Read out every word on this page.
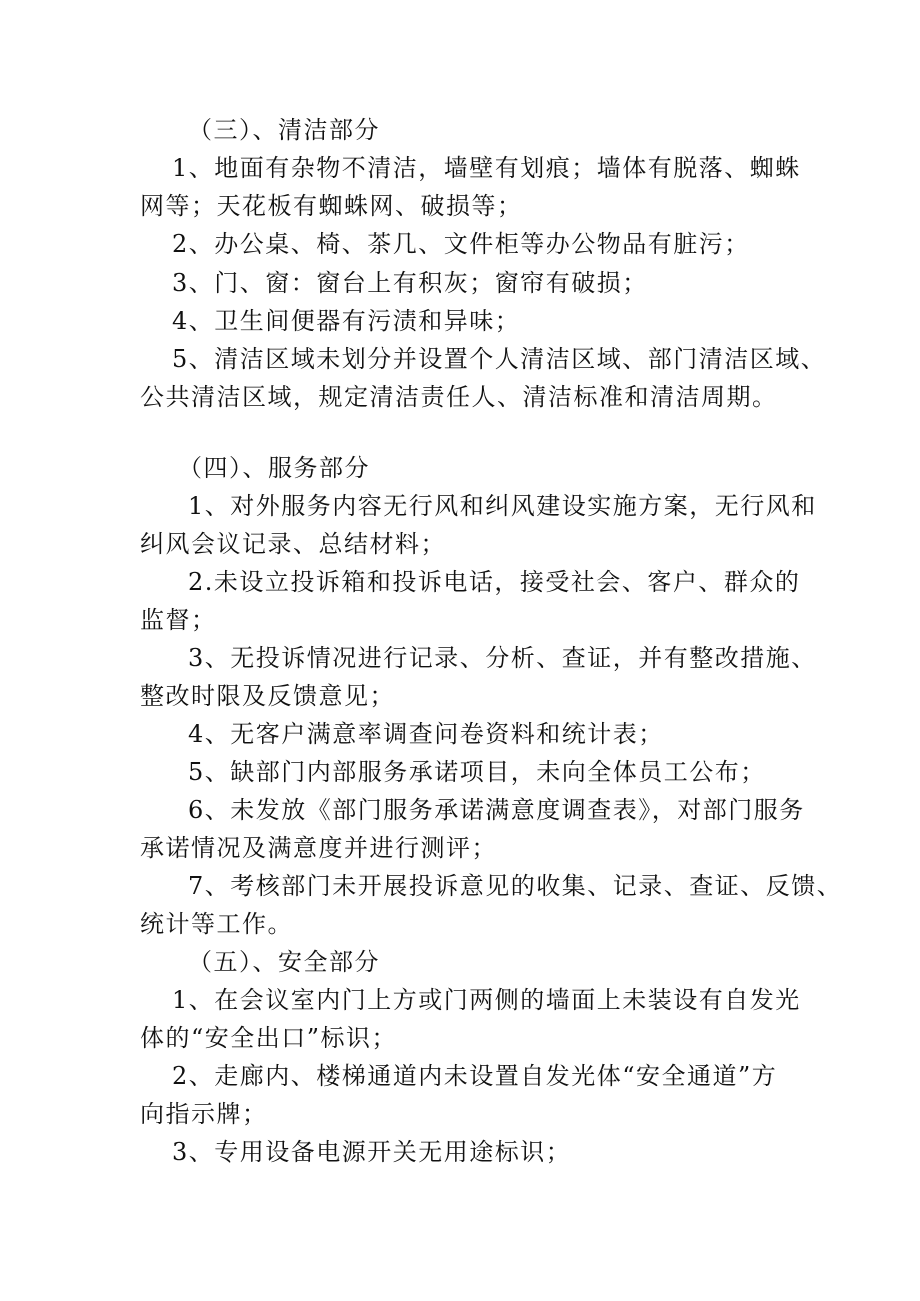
（三）、清洁部分
1、地面有杂物不清洁，墙壁有划痕；墙体有脱落、蜘蛛
网等；天花板有蜘蛛网、破损等；
2、办公桌、椅、茶几、文件柜等办公物品有脏污；
3、门、窗：窗台上有积灰；窗帘有破损；
4、卫生间便器有污渍和异味；
5、清洁区域未划分并设置个人清洁区域、部门清洁区域、
公共清洁区域，规定清洁责任人、清洁标准和清洁周期。
（四）、服务部分
1、对外服务内容无行风和纠风建设实施方案，无行风和
纠风会议记录、总结材料；
2.未设立投诉箱和投诉电话，接受社会、客户、群众的
监督；
3、无投诉情况进行记录、分析、查证，并有整改措施、
整改时限及反馈意见；
4、无客户满意率调查问卷资料和统计表；
5、缺部门内部服务承诺项目，未向全体员工公布；
6、未发放《部门服务承诺满意度调查表》，对部门服务
承诺情况及满意度并进行测评；
7、考核部门未开展投诉意见的收集、记录、查证、反馈、
统计等工作。
（五）、安全部分
1、在会议室内门上方或门两侧的墙面上未装设有自发光
体的“安全出口”标识；
2、走廊内、楼梯通道内未设置自发光体“安全通道”方
向指示牌；
3、专用设备电源开关无用途标识；
